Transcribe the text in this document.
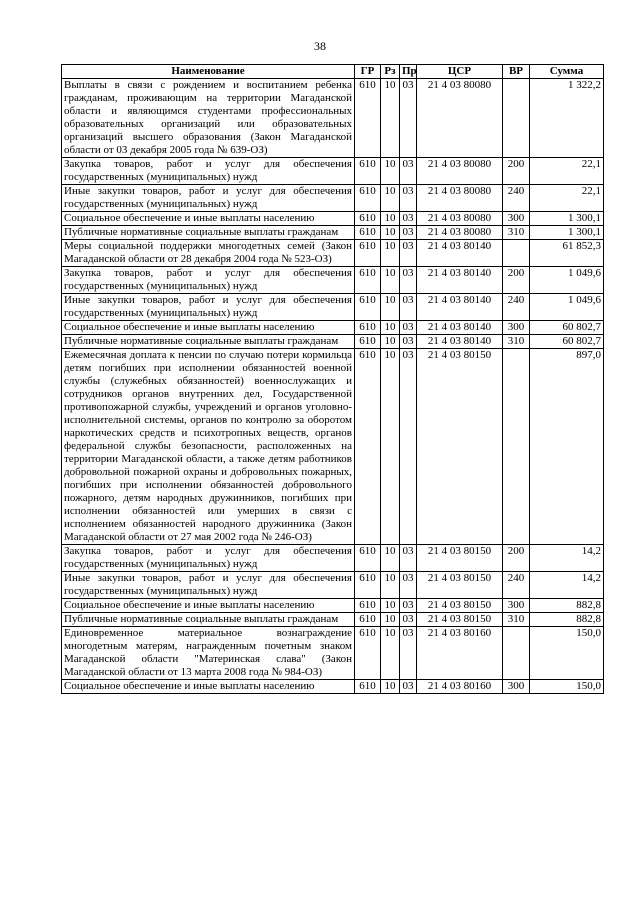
38
Наименование	ГР	Рз	Пр	ЦСР	ВР	Сумма
Выплаты в связи с рождением и воспитанием ребенка гражданам, проживающим на территории Магаданской области и являющимся студентами профессиональных образовательных организаций или образовательных организаций высшего образования (Закон Магаданской области от 03 декабря 2005 года № 639-ОЗ)	610	10	03	21 4 03 80080		1 322,2
Закупка товаров, работ и услуг для обеспечения государственных (муниципальных) нужд	610	10	03	21 4 03 80080	200	22,1
Иные закупки товаров, работ и услуг для обеспечения государственных (муниципальных) нужд	610	10	03	21 4 03 80080	240	22,1
Социальное обеспечение и иные выплаты населению	610	10	03	21 4 03 80080	300	1 300,1
Публичные нормативные социальные выплаты гражданам	610	10	03	21 4 03 80080	310	1 300,1
Меры социальной поддержки многодетных семей (Закон Магаданской области от 28 декабря 2004 года № 523-ОЗ)	610	10	03	21 4 03 80140		61 852,3
Закупка товаров, работ и услуг для обеспечения государственных (муниципальных) нужд	610	10	03	21 4 03 80140	200	1 049,6
Иные закупки товаров, работ и услуг для обеспечения государственных (муниципальных) нужд	610	10	03	21 4 03 80140	240	1 049,6
Социальное обеспечение и иные выплаты населению	610	10	03	21 4 03 80140	300	60 802,7
Публичные нормативные социальные выплаты гражданам	610	10	03	21 4 03 80140	310	60 802,7
Ежемесячная доплата к пенсии по случаю потери кормильца детям погибших при исполнении обязанностей военной службы (служебных обязанностей) военнослужащих и сотрудников органов внутренних дел, Государственной противопожарной службы, учреждений и органов уголовно-исполнительной системы, органов по контролю за оборотом наркотических средств и психотропных веществ, органов федеральной службы безопасности, расположенных на территории Магаданской области, а также детям работников добровольной пожарной охраны и добровольных пожарных, погибших при исполнении обязанностей добровольного пожарного, детям народных дружинников, погибших при исполнении обязанностей или умерших в связи с исполнением обязанностей народного дружинника (Закон Магаданской области от 27 мая 2002 года № 246-ОЗ)	610	10	03	21 4 03 80150		897,0
Закупка товаров, работ и услуг для обеспечения государственных (муниципальных) нужд	610	10	03	21 4 03 80150	200	14,2
Иные закупки товаров, работ и услуг для обеспечения государственных (муниципальных) нужд	610	10	03	21 4 03 80150	240	14,2
Социальное обеспечение и иные выплаты населению	610	10	03	21 4 03 80150	300	882,8
Публичные нормативные социальные выплаты гражданам	610	10	03	21 4 03 80150	310	882,8
Единовременное материальное вознаграждение многодетным матерям, награжденным почетным знаком Магаданской области "Материнская слава" (Закон Магаданской области от 13 марта 2008 года № 984-ОЗ)	610	10	03	21 4 03 80160		150,0
Социальное обеспечение и иные выплаты населению	610	10	03	21 4 03 80160	300	150,0
